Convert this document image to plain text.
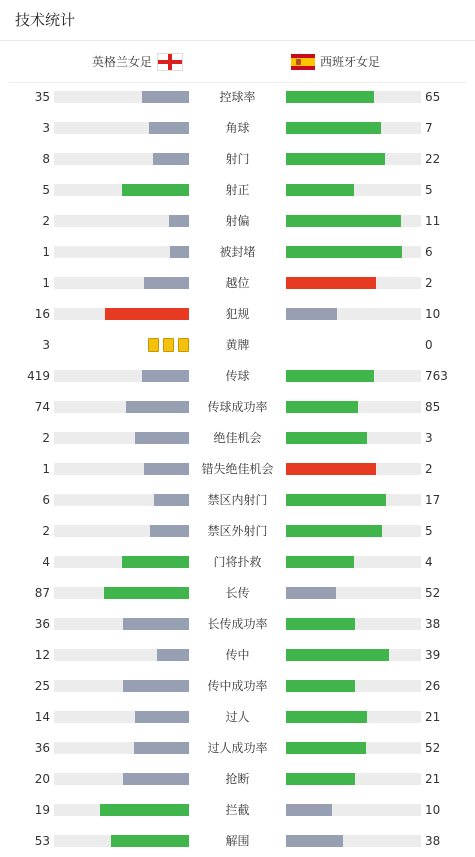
技术统计
英格兰女足	西班牙女足
35	控球率	65
3	角球	7
8	射门	22
5	射正	5
2	射偏	11
1	被封堵	6
1	越位	2
16	犯规	10
3	黄牌	0
419	传球	763
74	传球成功率	85
2	绝佳机会	3
1	错失绝佳机会	2
6	禁区内射门	17
2	禁区外射门	5
4	门将扑救	4
87	长传	52
36	长传成功率	38
12	传中	39
25	传中成功率	26
14	过人	21
36	过人成功率	52
20	抢断	21
19	拦截	10
53	解围	38
